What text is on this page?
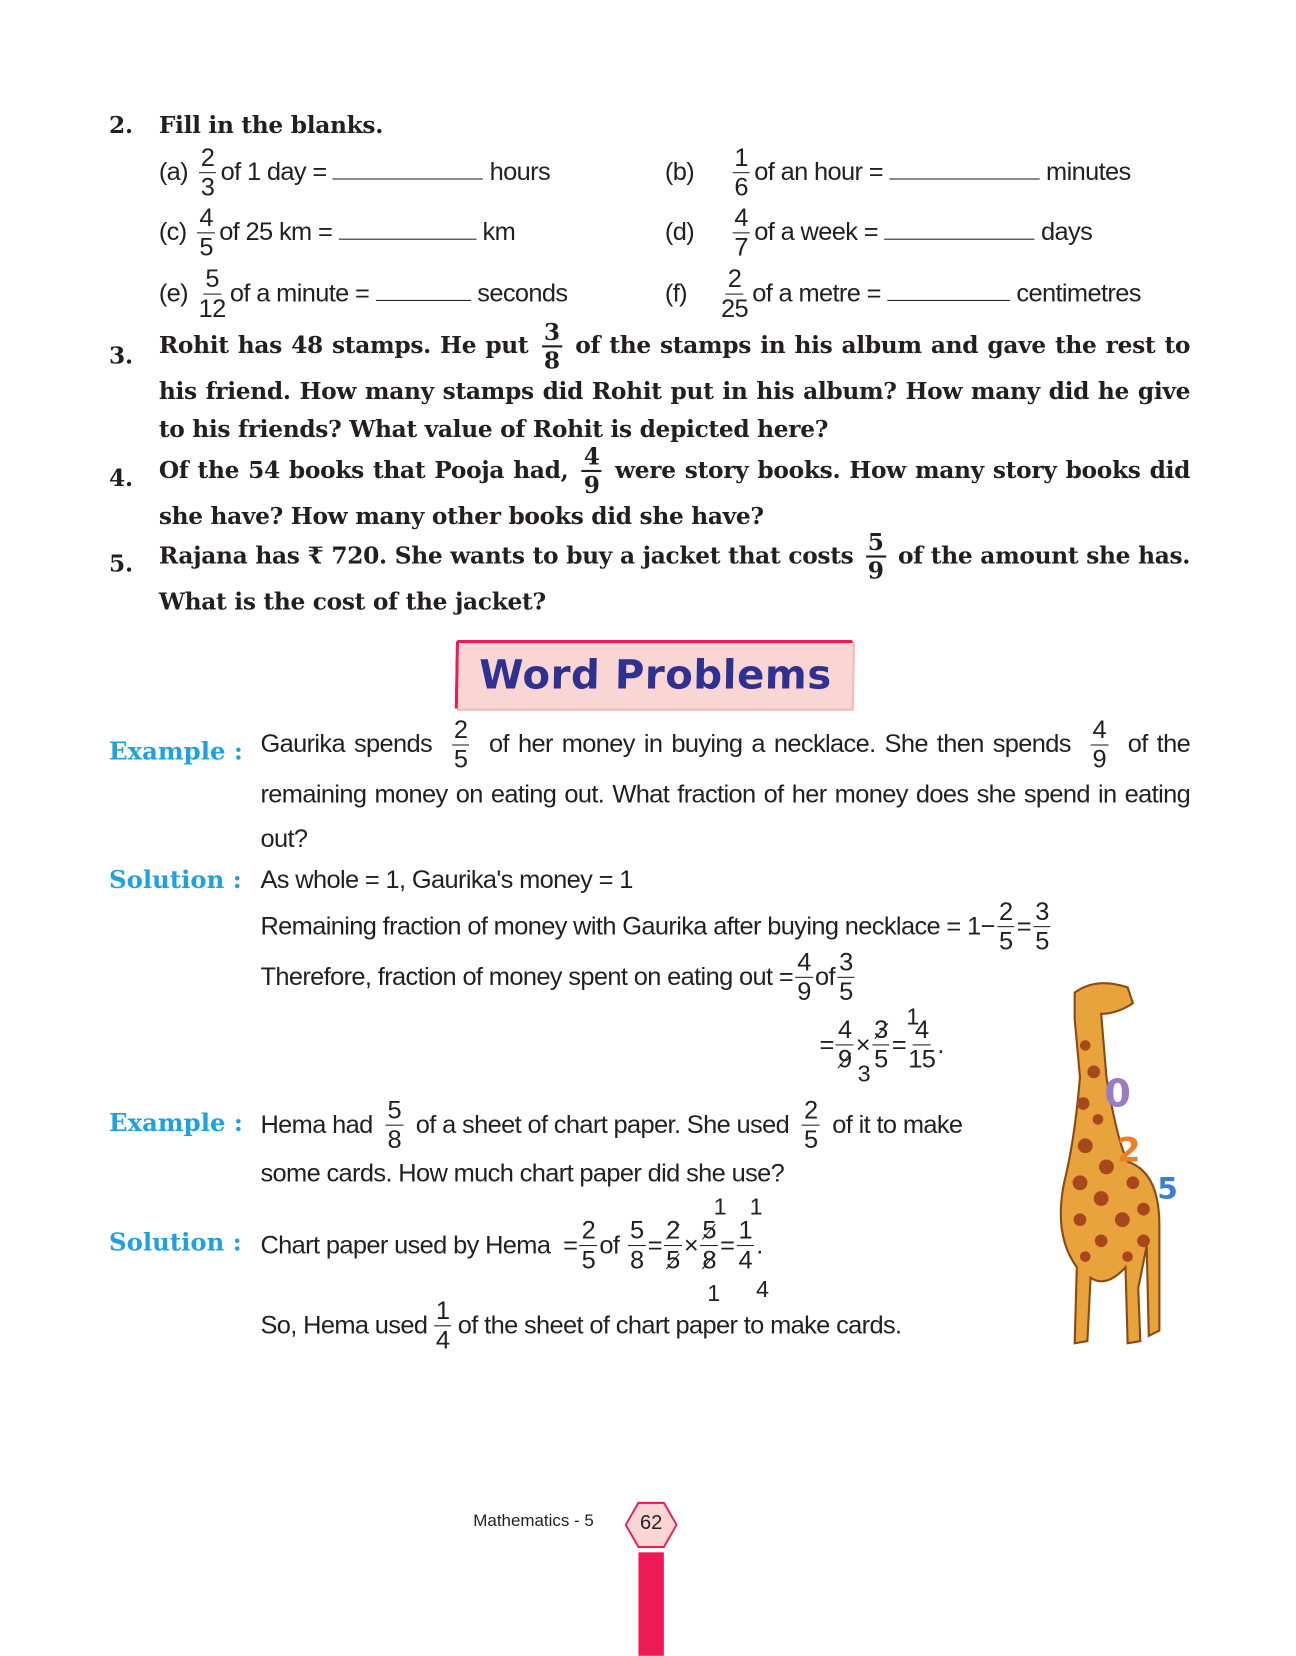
2. Fill in the blanks.
$(a) \frac{2}{3}$ of 1 day =	hours	$(b) \frac{1}{6}$ of an hour =	minutes
$(c) \frac{4}{5}$ of 25 km =	km	$(d) \frac{4}{7}$ of a week =	days
$(e) \frac{5}{12}$ of a minute =	seconds	$(f) \frac{2}{25}$ of a metre =	centimetres
3. Rohit has 48 stamps. He put $\frac{3}{8}$ of the stamps in his album and gave the rest to his friend. How many stamps did Rohit put in his album? How many did he give to his friends? What value of Rohit is depicted here?

4. Of the 54 books that Pooja had, $\frac{4}{9}$ were story books. How many story books did she have? How many other books did she have?

5. Rajana has ₹ 720. She wants to buy a jacket that costs $\frac{5}{9}$ of the amount she has. What is the cost of the jacket?

Word Problems
Example : Gaurika spends $\frac{2}{5}$ of her money in buying a necklace. She then spends $\frac{4}{9}$ of the remaining money on eating out. What fraction of her money does she spend in eating out?

Solution : As whole = 1, Gaurika's money = 1
Remaining fraction of money with Gaurika after buying necklace =
$1 - \frac{2}{5} = \frac{3}{5}$
Therefore, fraction of money spent on eating out = $\frac{4}{9}$ of $\frac{3}{5}$
= $\frac{4}{9} \times \frac{3}{5} = \frac{4}{15}$ .
3
1
Example : Hema had $\frac{5}{8}$ of a sheet of chart paper. She used $\frac{2}{5}$ of it to make
some cards. How much chart paper did she use?
Solution : Chart paper used by Hema
= $\frac{2}{5}$ of
$\frac{5}{8} = \frac{2}{5} \times \frac{5}{8} = \frac{1}{4}$ .
1
1
1
4
So, Hema used $\frac{1}{4}$ of the sheet of chart paper to make cards.
0
2
5
Mathematics - 5	62
